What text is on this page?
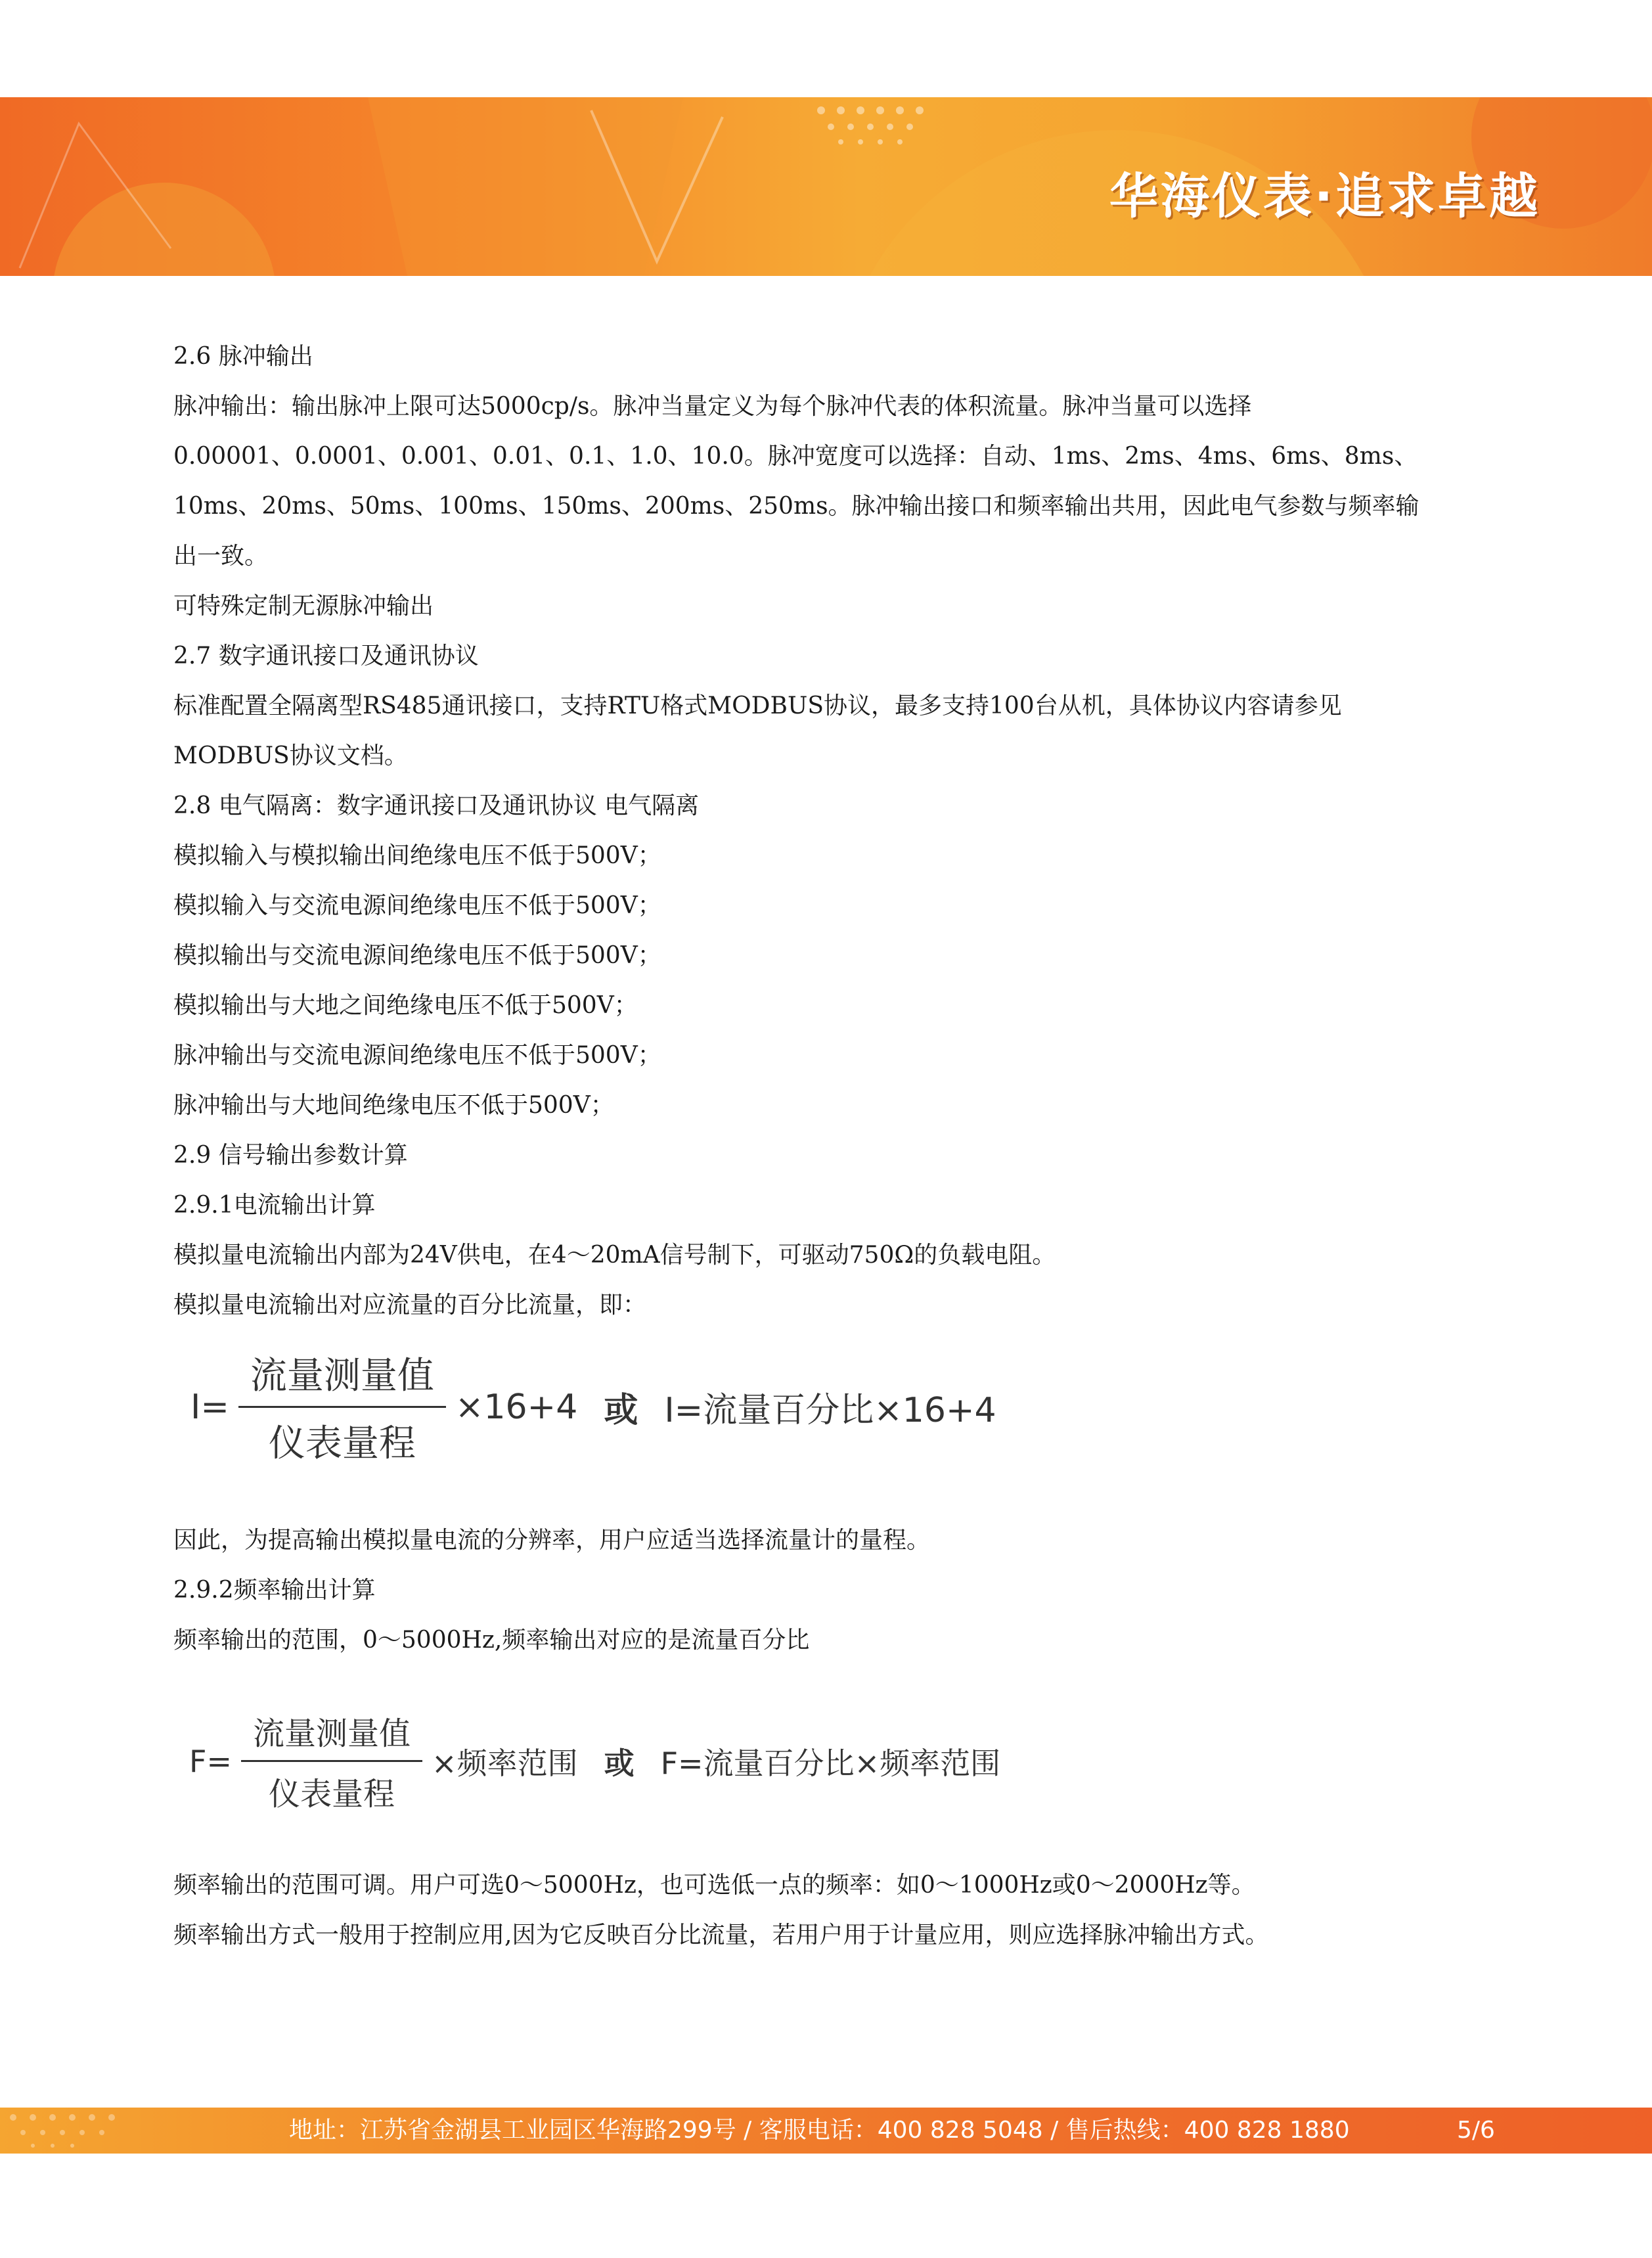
华海仪表·追求卓越
2.6 脉冲输出
脉冲输出：输出脉冲上限可达5000cp/s。脉冲当量定义为每个脉冲代表的体积流量。脉冲当量可以选择
0.00001、0.0001、0.001、0.01、0.1、1.0、10.0。脉冲宽度可以选择：自动、1ms、2ms、4ms、6ms、8ms、
10ms、20ms、50ms、100ms、150ms、200ms、250ms。脉冲输出接口和频率输出共用，因此电气参数与频率输
出一致。
可特殊定制无源脉冲输出
2.7 数字通讯接口及通讯协议
标准配置全隔离型RS485通讯接口，支持RTU格式MODBUS协议，最多支持100台从机，具体协议内容请参见
MODBUS协议文档。
2.8 电气隔离：数字通讯接口及通讯协议 电气隔离
模拟输入与模拟输出间绝缘电压不低于500V；
模拟输入与交流电源间绝缘电压不低于500V；
模拟输出与交流电源间绝缘电压不低于500V；
模拟输出与大地之间绝缘电压不低于500V；
脉冲输出与交流电源间绝缘电压不低于500V；
脉冲输出与大地间绝缘电压不低于500V；
2.9 信号输出参数计算
2.9.1电流输出计算
模拟量电流输出内部为24V供电，在4～20mA信号制下，可驱动750Ω的负载电阻。
模拟量电流输出对应流量的百分比流量，即：
$I= \frac{\text{流量测量值}}{\text{仪表量程}} \times 16+4$ 或 I=流量百分比×16+4
因此，为提高输出模拟量电流的分辨率，用户应适当选择流量计的量程。
2.9.2频率输出计算
频率输出的范围，0～5000Hz,频率输出对应的是流量百分比
$F= \frac{\text{流量测量值}}{\text{仪表量程}}$ ×频率范围 或 F=流量百分比×频率范围
频率输出的范围可调。用户可选0～5000Hz，也可选低一点的频率：如0～1000Hz或0～2000Hz等。
频率输出方式一般用于控制应用,因为它反映百分比流量，若用户用于计量应用，则应选择脉冲输出方式。
地址：江苏省金湖县工业园区华海路299号 / 客服电话：400 828 5048 / 售后热线：400 828 1880	5/6
